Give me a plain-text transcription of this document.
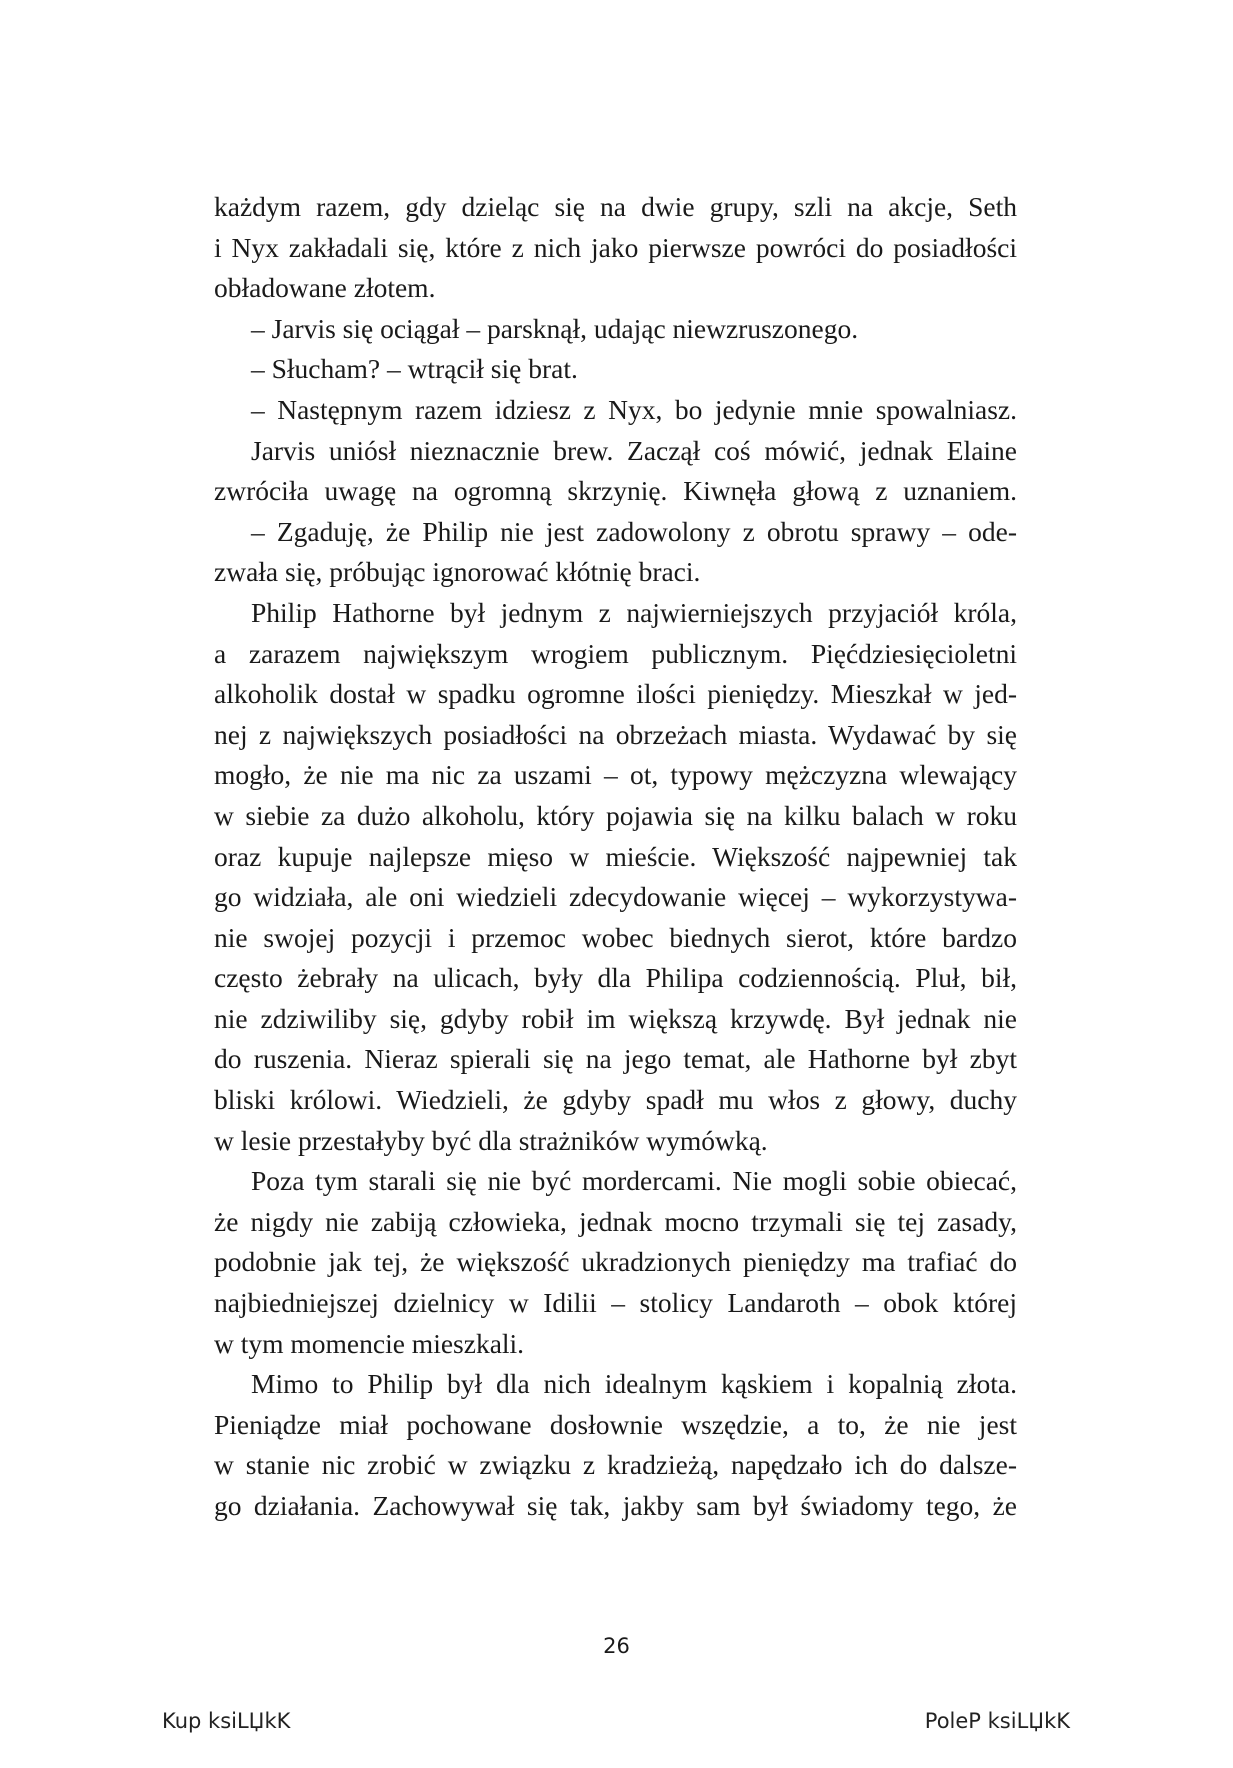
każdym razem, gdy dzieląc się na dwie grupy, szli na akcje, Seth

i Nyx zakładali się, które z nich jako pierwsze powróci do posiadłości

obładowane złotem.

– Jarvis się ociągał – parsknął, udając niewzruszonego.

– Słucham? – wtrącił się brat.

– Następnym razem idziesz z Nyx, bo jedynie mnie spowalniasz.

Jarvis uniósł nieznacznie brew. Zaczął coś mówić, jednak Elaine

zwróciła uwagę na ogromną skrzynię. Kiwnęła głową z uznaniem.

– Zgaduję, że Philip nie jest zadowolony z obrotu sprawy – ode-

zwała się, próbując ignorować kłótnię braci.

Philip Hathorne był jednym z najwierniejszych przyjaciół króla,

a zarazem największym wrogiem publicznym. Pięćdziesięcioletni

alkoholik dostał w spadku ogromne ilości pieniędzy. Mieszkał w jed-

nej z największych posiadłości na obrzeżach miasta. Wydawać by się

mogło, że nie ma nic za uszami – ot, typowy mężczyzna wlewający

w siebie za dużo alkoholu, który pojawia się na kilku balach w roku

oraz kupuje najlepsze mięso w mieście. Większość najpewniej tak

go widziała, ale oni wiedzieli zdecydowanie więcej – wykorzystywa-

nie swojej pozycji i przemoc wobec biednych sierot, które bardzo

często żebrały na ulicach, były dla Philipa codziennością. Pluł, bił,

nie zdziwiliby się, gdyby robił im większą krzywdę. Był jednak nie

do ruszenia. Nieraz spierali się na jego temat, ale Hathorne był zbyt

bliski królowi. Wiedzieli, że gdyby spadł mu włos z głowy, duchy

w lesie przestałyby być dla strażników wymówką.

Poza tym starali się nie być mordercami. Nie mogli sobie obiecać,

że nigdy nie zabiją człowieka, jednak mocno trzymali się tej zasady,

podobnie jak tej, że większość ukradzionych pieniędzy ma trafiać do

najbiedniejszej dzielnicy w Idilii – stolicy Landaroth – obok której

w tym momencie mieszkali.

Mimo to Philip był dla nich idealnym kąskiem i kopalnią złota.

Pieniądze miał pochowane dosłownie wszędzie, a to, że nie jest

w stanie nic zrobić w związku z kradzieżą, napędzało ich do dalsze-

go działania. Zachowywał się tak, jakby sam był świadomy tego, że

26
Kup ksiLЏkK	PoleP ksiLЏkK
